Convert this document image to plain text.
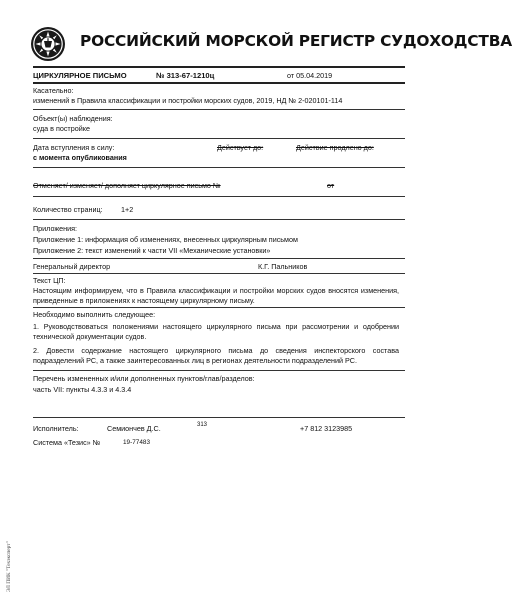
РОССИЙСКИЙ МОРСКОЙ РЕГИСТР СУДОХОДСТВА
ЦИРКУЛЯРНОЕ ПИСЬМО	№ 313-67-1210ц	от 05.04.2019
Касательно:
изменений в Правила классификации и постройки морских судов, 2019, НД № 2-020101-114
Объект(ы) наблюдения:
суда в постройке
Дата вступления в силу:
с момента опубликования
Действует до:	Действие продлено до:
Отменяет/ изменяет/ дополняет циркулярное письмо №	от
Количество страниц:	1+2
Приложения:
Приложение 1: информация об изменениях, внесенных циркулярным письмом
Приложение 2: текст изменений к части VII «Механические установки»
Генеральный директор	К.Г. Пальников
Текст ЦП:
Настоящим информируем, что в Правила классификации и постройки морских судов вносятся изменения, приведенные в приложениях к настоящему циркулярному письму.
Необходимо выполнить следующее:
1. Руководствоваться положениями настоящего циркулярного письма при рассмотрении и одобрении технической документации судов.
2. Довести содержание настоящего циркулярного письма до сведения инспекторского состава подразделений РС, а также заинтересованных лиц в регионах деятельности подразделений РС.
Перечень измененных и/или дополненных пунктов/глав/разделов:
часть VII: пункты 4.3.3 и 4.3.4
Исполнитель:	Семиончев Д.С.	313	+7 812 3123985
Система «Тезис» №	19-77483
ЭЛ ПИК "Техэксперт"
